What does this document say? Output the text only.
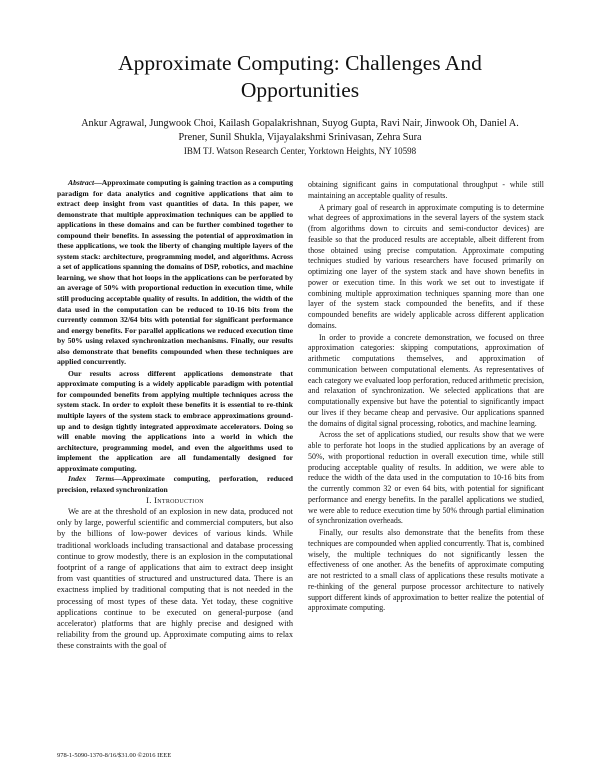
Approximate Computing: Challenges And Opportunities
Ankur Agrawal, Jungwook Choi, Kailash Gopalakrishnan, Suyog Gupta, Ravi Nair, Jinwook Oh, Daniel A. Prener, Sunil Shukla, Vijayalakshmi Srinivasan, Zehra Sura
IBM TJ. Watson Research Center, Yorktown Heights, NY 10598

Abstract—Approximate computing is gaining traction as a computing paradigm for data analytics and cognitive applications that aim to extract deep insight from vast quantities of data. In this paper, we demonstrate that multiple approximation techniques can be applied to applications in these domains and can be further combined together to compound their benefits. In assessing the potential of approximation in these applications, we took the liberty of changing multiple layers of the system stack: architecture, programming model, and algorithms. Across a set of applications spanning the domains of DSP, robotics, and machine learning, we show that hot loops in the applications can be perforated by an average of 50% with proportional reduction in execution time, while still producing acceptable quality of results. In addition, the width of the data used in the computation can be reduced to 10-16 bits from the currently common 32/64 bits with potential for significant performance and energy benefits. For parallel applications we reduced execution time by 50% using relaxed synchronization mechanisms. Finally, our results also demonstrate that benefits compounded when these techniques are applied concurrently.

Our results across different applications demonstrate that approximate computing is a widely applicable paradigm with potential for compounded benefits from applying multiple techniques across the system stack. In order to exploit these benefits it is essential to re-think multiple layers of the system stack to embrace approximations ground-up and to design tightly integrated approximate accelerators. Doing so will enable moving the applications into a world in which the architecture, programming model, and even the algorithms used to implement the application are all fundamentally designed for approximate computing.

Index Terms—Approximate computing, perforation, reduced precision, relaxed synchronization

I. Introduction

We are at the threshold of an explosion in new data, produced not only by large, powerful scientific and commercial computers, but also by the billions of low-power devices of various kinds. While traditional workloads including transactional and database processing continue to grow modestly, there is an explosion in the computational footprint of a range of applications that aim to extract deep insight from vast quantities of structured and unstructured data. There is an exactness implied by traditional computing that is not needed in the processing of most types of these data. Yet today, these cognitive applications continue to be executed on general-purpose (and accelerator) platforms that are highly precise and designed with reliability from the ground up. Approximate computing aims to relax these constraints with the goal of

obtaining significant gains in computational throughput - while still maintaining an acceptable quality of results.

A primary goal of research in approximate computing is to determine what degrees of approximations in the several layers of the system stack (from algorithms down to circuits and semi-conductor devices) are feasible so that the produced results are acceptable, albeit different from those obtained using precise computation. Approximate computing techniques studied by various researchers have focused primarily on optimizing one layer of the system stack and have shown benefits in power or execution time. In this work we set out to investigate if combining multiple approximation techniques spanning more than one layer of the system stack compounded the benefits, and if these compounded benefits are widely applicable across different application domains.

In order to provide a concrete demonstration, we focused on three approximation categories: skipping computations, approximation of arithmetic computations themselves, and approximation of communication between computational elements. As representatives of each category we evaluated loop perforation, reduced arithmetic precision, and relaxation of synchronization. We selected applications that are computationally expensive but have the potential to significantly impact our lives if they became cheap and pervasive. Our applications spanned the domains of digital signal processing, robotics, and machine learning.

Across the set of applications studied, our results show that we were able to perforate hot loops in the studied applications by an average of 50%, with proportional reduction in overall execution time, while still producing acceptable quality of results. In addition, we were able to reduce the width of the data used in the computation to 10-16 bits from the currently common 32 or even 64 bits, with potential for significant performance and energy benefits. In the parallel applications we studied, we were able to reduce execution time by 50% through partial elimination of synchronization overheads.

Finally, our results also demonstrate that the benefits from these techniques are compounded when applied concurrently. That is, combined wisely, the multiple techniques do not significantly lessen the effectiveness of one another. As the benefits of approximate computing are not restricted to a small class of applications these results motivate a re-thinking of the general purpose processor architecture to natively support different kinds of approximation to better realize the potential of approximate computing.

978-1-5090-1370-8/16/$31.00 ©2016 IEEE
